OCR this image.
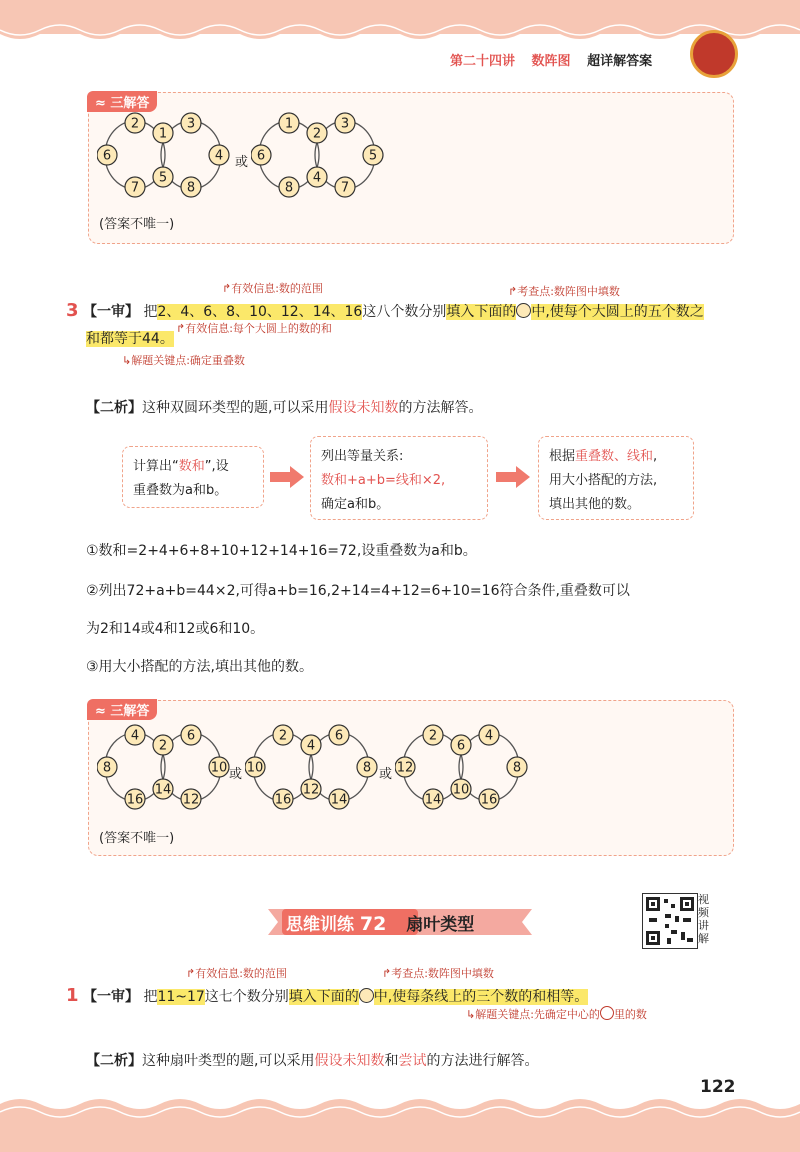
第二十四讲 数阵图 超详解答案
≈ 三解答
2
1
3
6	4
7
5
8
或
1
2
3
6	5
8
4
7
(答案不唯一)
↱有效信息:数的范围	↱考查点:数阵图中填数
3 【一审】 把2、4、6、8、10、12、14、16这八个数分别填入下面的 中,使每个大圆上的五个数之
↱有效信息:每个大圆上的数的和
和都等于44。
↳解题关键点:确定重叠数
【二析】这种双圆环类型的题,可以采用假设未知数的方法解答。
计算出“数和”,设
重叠数为a和b。
列出等量关系:
数和+a+b=线和×2,
确定a和b。
根据重叠数、线和,
用大小搭配的方法,
填出其他的数。
①数和=2+4+6+8+10+12+14+16=72,设重叠数为a和b。
②列出72+a+b=44×2,可得a+b=16,2+14=4+12=6+10=16符合条件,重叠数可以
为2和14或4和12或6和10。
③用大小搭配的方法,填出其他的数。
≈ 三解答
4
2
6
8	10
16
14
12
或
2
4
6
10	8
16
12
14
或
2
6
4
12	8
14
10
16
(答案不唯一)
思维训练 72 扇叶类型
视频讲解
↱有效信息:数的范围	↱考查点:数阵图中填数
1 【一审】 把11~17这七个数分别填入下面的 中,使每条线上的三个数的和相等。
↳解题关键点:先确定中心的 里的数
【二析】这种扇叶类型的题,可以采用假设未知数和尝试的方法进行解答。
122
